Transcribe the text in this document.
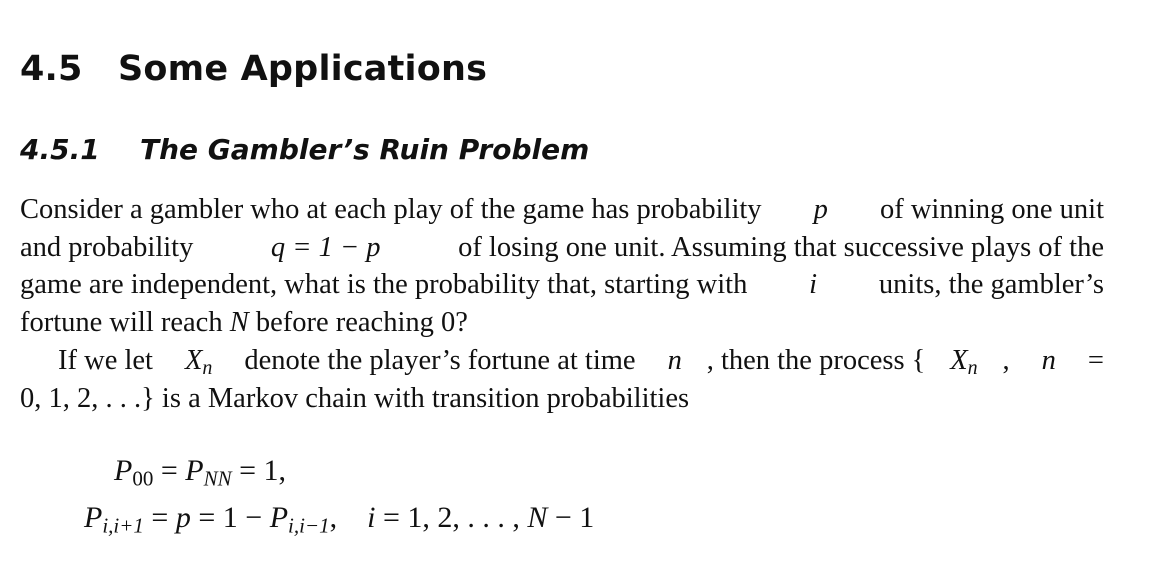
4.5 Some Applications
4.5.1 The Gambler’s Ruin Problem
Consider a gambler who at each play of the game has probability p of winning one unit
and probability q = 1 − p of losing one unit. Assuming that successive plays of the
game are independent, what is the probability that, starting with i units, the gambler’s
fortune will reach N before reaching 0?
If we let $X_n$ denote the player’s fortune at time n , then the process { $X_n$ , n =
0, 1, 2, . . .} is a Markov chain with transition probabilities
$P_{00} = P_{NN} = 1$,
$P_{i,i+1} = p = 1 - P_{i,i-1}$, i = 1, 2, . . . , N − 1
